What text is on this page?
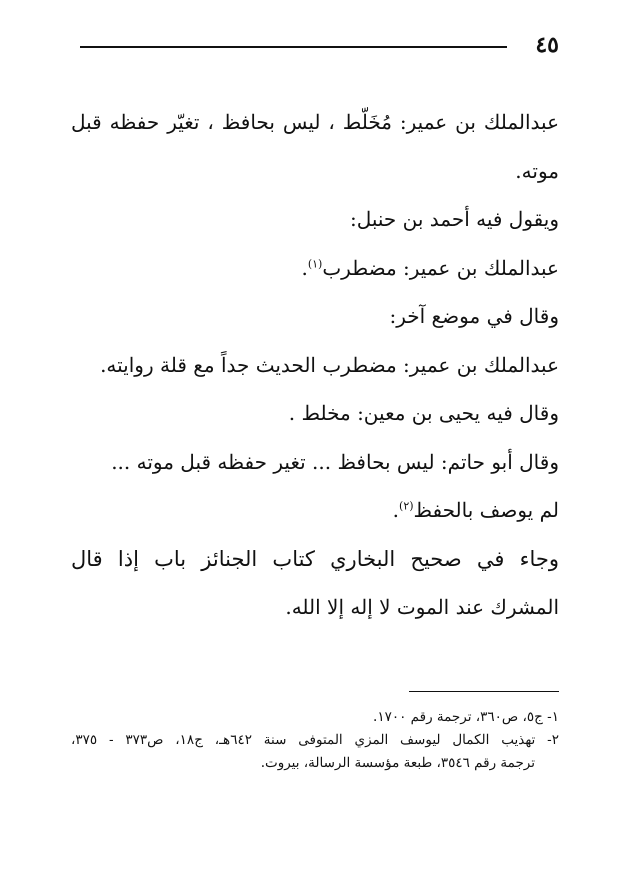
٤٥
عبدالملك بن عمير: مُخَلّط ، ليس بحافظ ، تغيّر حفظه قبل
موته.
ويقول فيه أحمد بن حنبل:
عبدالملك بن عمير: مضطرب$^{(١)}$.
وقال في موضع آخر:
عبدالملك بن عمير: مضطرب الحديث جداً مع قلة روايته.
وقال فيه يحيى بن معين: مخلط .
وقال أبو حاتم: ليس بحافظ ... تغير حفظه قبل موته ...
لم يوصف بالحفظ$^{(٢)}$.
وجاء في صحيح البخاري كتاب الجنائز باب إذا قال
المشرك عند الموت لا إله إلا الله.
١- ج٥، ص٣٦٠، ترجمة رقم ١٧٠٠.
٢- تهذيب الكمال ليوسف المزي المتوفى سنة ٦٤٢هـ، ج١٨، ص٣٧٣ - ٣٧٥،
ترجمة رقم ٣٥٤٦، طبعة مؤسسة الرسالة، بيروت.
